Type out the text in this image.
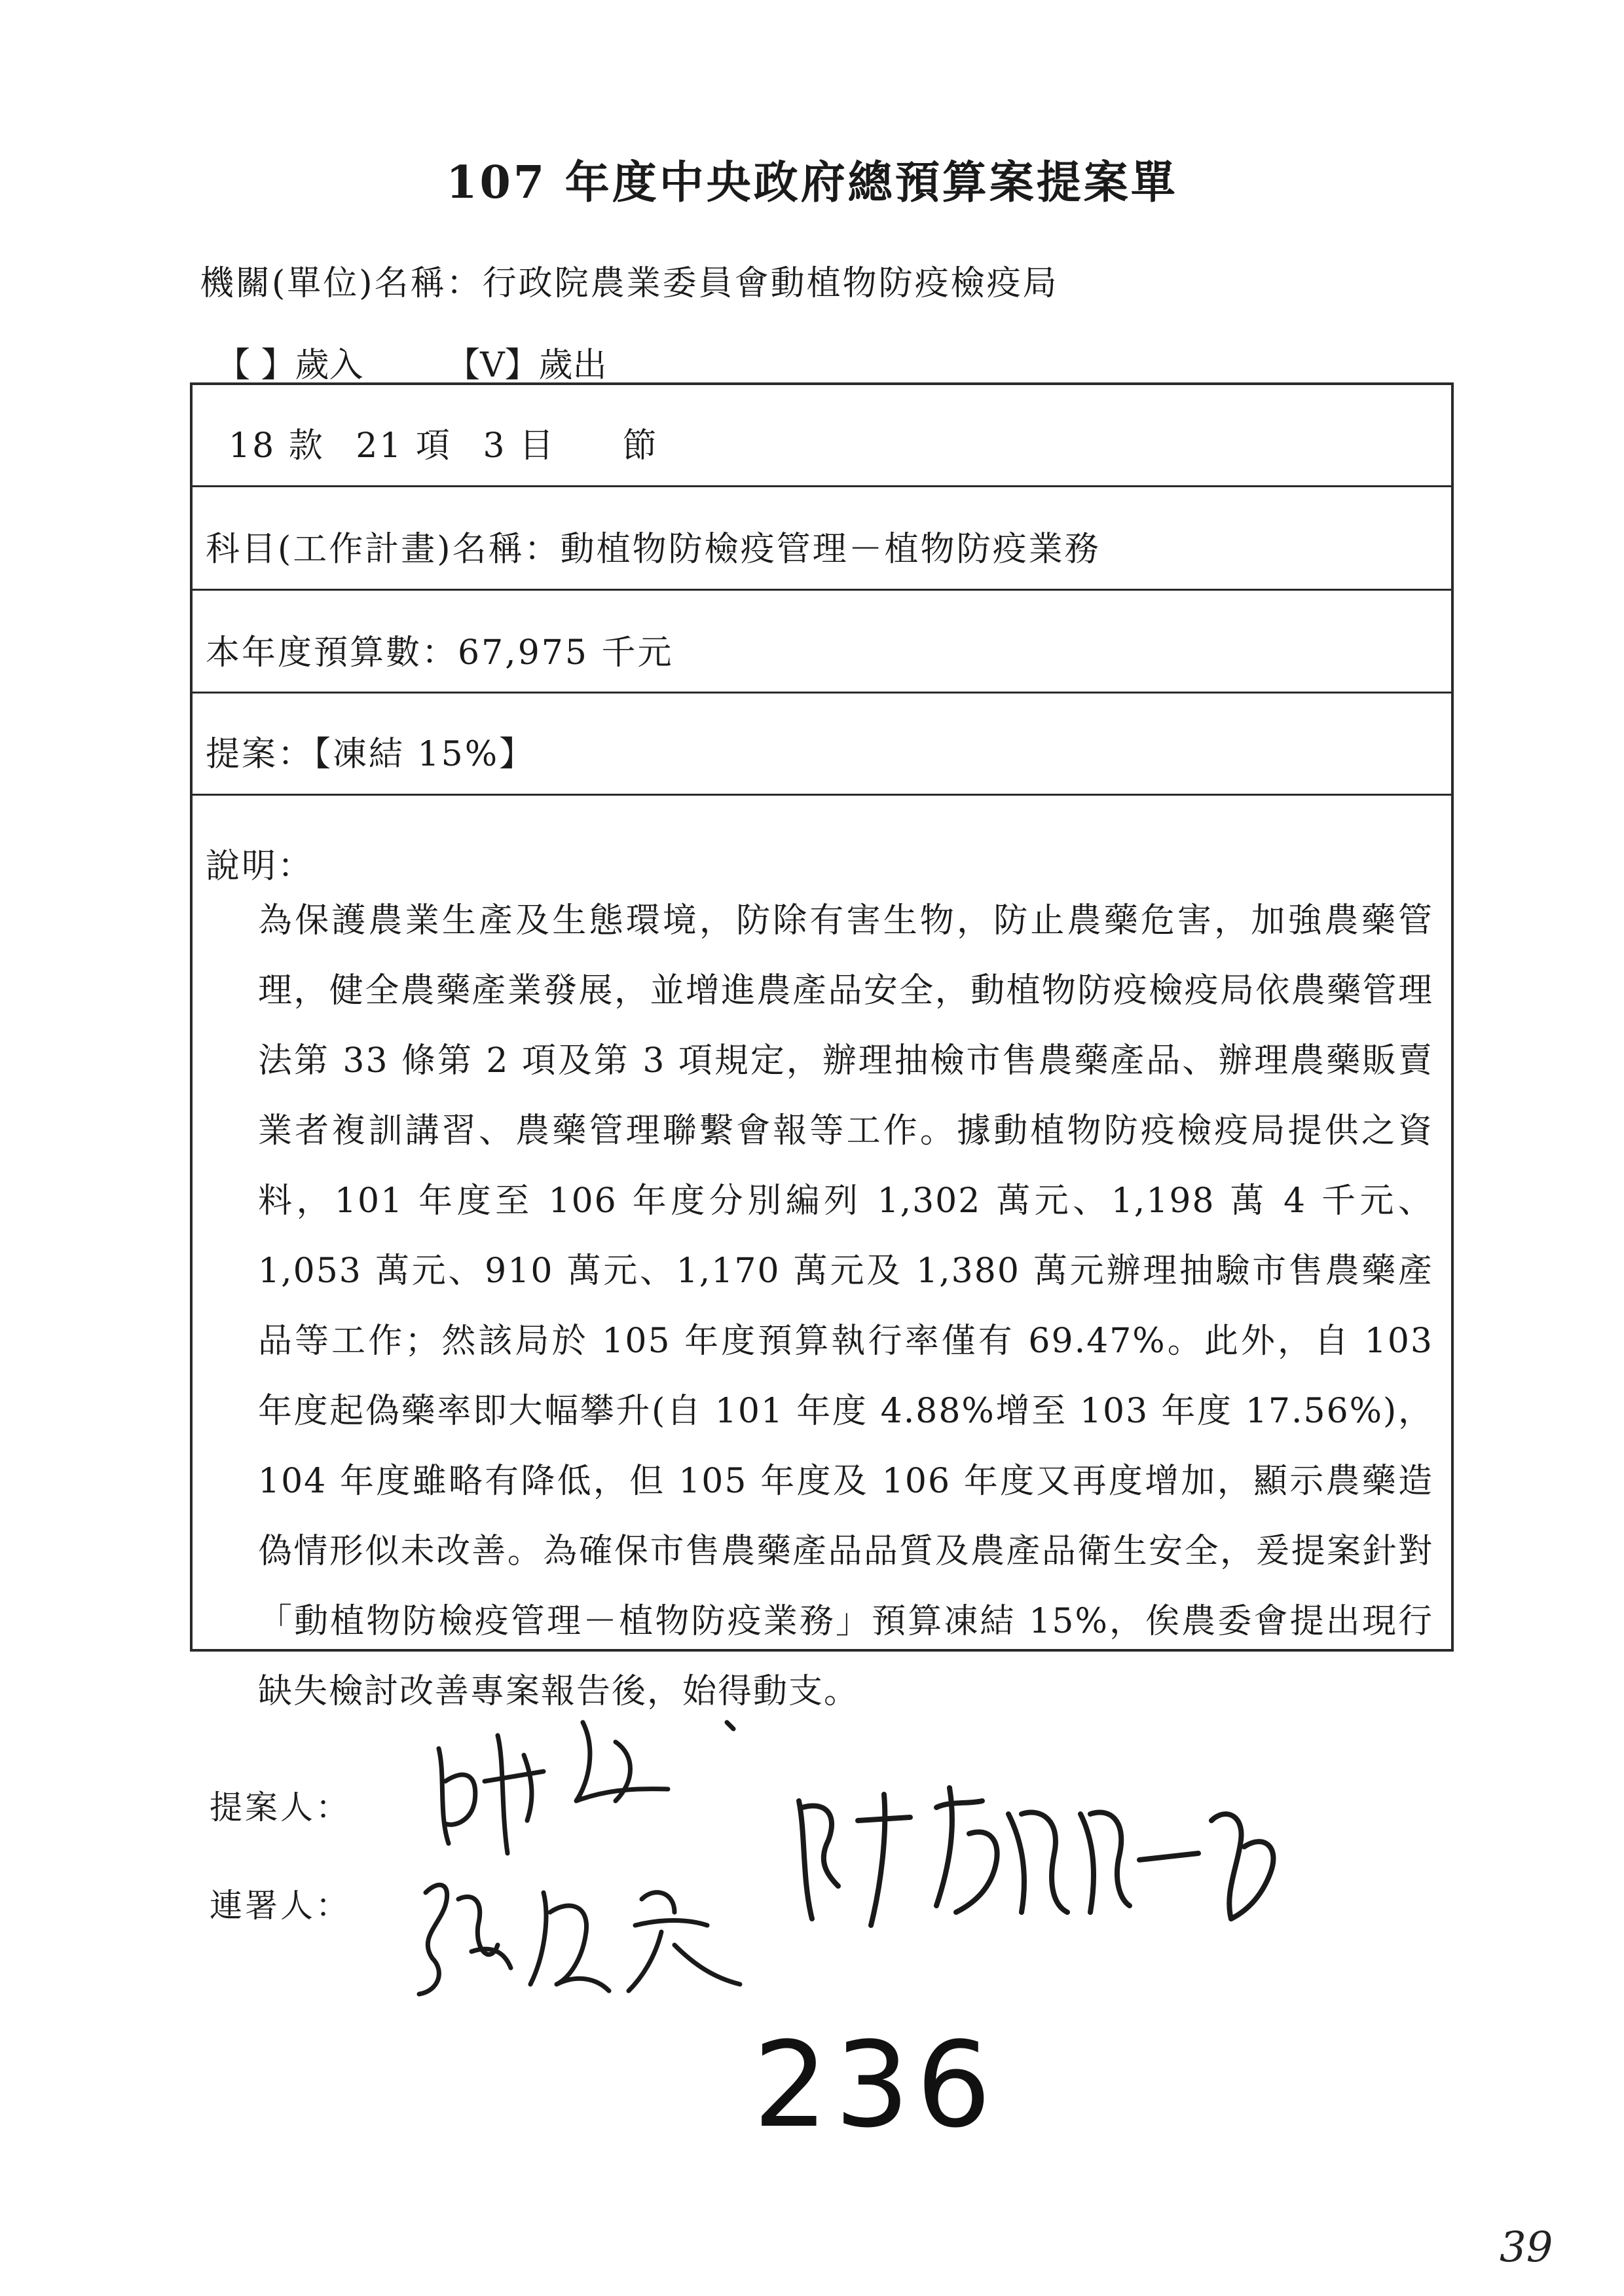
107 年度中央政府總預算案提案單
機關(單位)名稱：行政院農業委員會動植物防疫檢疫局
【 】歲入 【V】歲出
18 款 21 項 3 目 節
科目(工作計畫)名稱：動植物防檢疫管理－植物防疫業務
本年度預算數：67,975 千元
提案：【凍結 15%】
說明：

為保護農業生產及生態環境，防除有害生物，防止農藥危害，加強農藥管理，健全農藥產業發展，並增進農產品安全，動植物防疫檢疫局依農藥管理法第 33 條第 2 項及第 3 項規定，辦理抽檢市售農藥產品、辦理農藥販賣業者複訓講習、農藥管理聯繫會報等工作。據動植物防疫檢疫局提供之資料，101 年度至 106 年度分別編列 1,302 萬元、1,198 萬 4 千元、1,053 萬元、910 萬元、1,170 萬元及 1,380 萬元辦理抽驗市售農藥產品等工作；然該局於 105 年度預算執行率僅有 69.47%。此外，自 103 年度起偽藥率即大幅攀升(自 101 年度 4.88%增至 103 年度 17.56%)，104 年度雖略有降低，但 105 年度及 106 年度又再度增加，顯示農藥造偽情形似未改善。為確保市售農藥產品品質及農產品衛生安全，爰提案針對「動植物防檢疫管理－植物防疫業務」預算凍結 15%，俟農委會提出現行缺失檢討改善專案報告後，始得動支。

提案人：
連署人：
236
39
